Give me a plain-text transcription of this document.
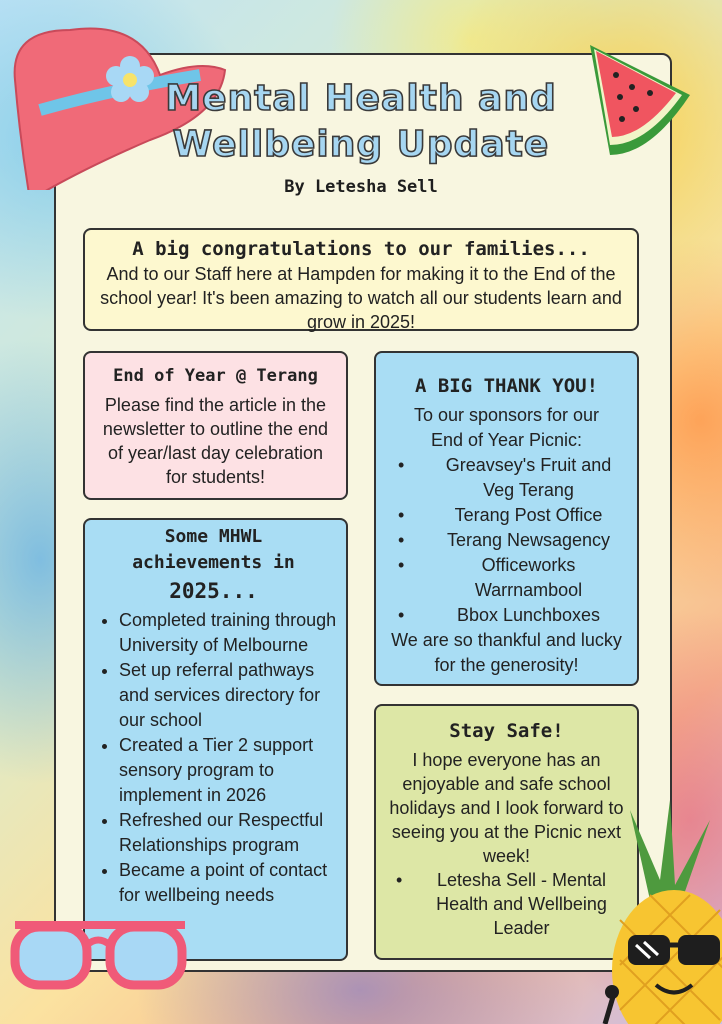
Mental Health and
Wellbeing Update
By Letesha Sell
A big congratulations to our families...
And to our Staff here at Hampden for making it to the End of the school year! It's been amazing to watch all our students learn and grow in 2025!
End of Year @ Terang
Please find the article in the newsletter to outline the end of year/last day celebration for students!
A BIG THANK YOU!
To our sponsors for our End of Year Picnic:
• Greavsey's Fruit and Veg Terang
• Terang Post Office
• Terang Newsagency
• Officeworks Warrnambool
• Bbox Lunchboxes
We are so thankful and lucky for the generosity!
Some MHWL
achievements in
2025...
• Completed training through University of Melbourne
• Set up referral pathways and services directory for our school
• Created a Tier 2 support sensory program to implement in 2026
• Refreshed our Respectful Relationships program
• Became a point of contact for wellbeing needs
Stay Safe!
I hope everyone has an enjoyable and safe school holidays and I look forward to seeing you at the Picnic next week!
• Letesha Sell - Mental Health and Wellbeing Leader
